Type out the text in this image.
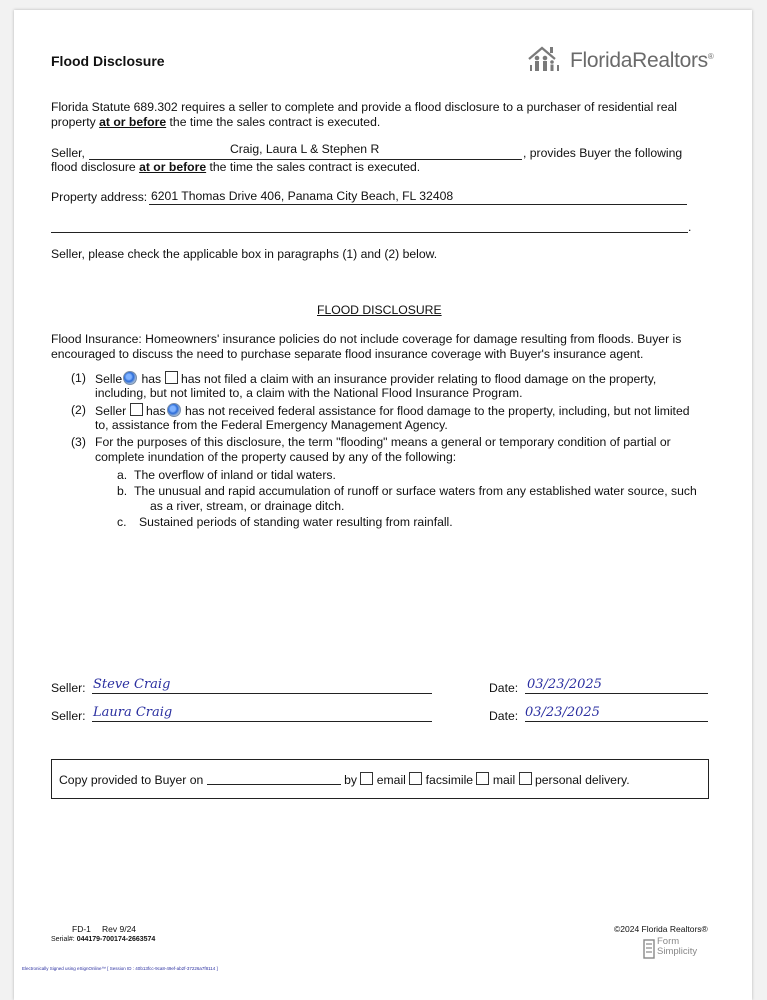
Flood Disclosure	FloridaRealtors®
Florida Statute 689.302 requires a seller to complete and provide a flood disclosure to a purchaser of residential real
property at or before the time the sales contract is executed.
Seller,	Craig, Laura L & Stephen R	, provides Buyer the following
flood disclosure at or before the time the sales contract is executed.
Property address: 6201 Thomas Drive 406, Panama City Beach, FL 32408
.
Seller, please check the applicable box in paragraphs (1) and (2) below.
FLOOD DISCLOSURE
Flood Insurance: Homeowners' insurance policies do not include coverage for damage resulting from floods. Buyer is
encouraged to discuss the need to purchase separate flood insurance coverage with Buyer's insurance agent.
(1) Selle has has not filed a claim with an insurance provider relating to flood damage on the property,
including, but not limited to, a claim with the National Flood Insurance Program.
(2) Seller has has not received federal assistance for flood damage to the property, including, but not limited
to, assistance from the Federal Emergency Management Agency.
(3) For the purposes of this disclosure, the term "flooding" means a general or temporary condition of partial or
complete inundation of the property caused by any of the following:
a. The overflow of inland or tidal waters.
b. The unusual and rapid accumulation of runoff or surface waters from any established water source, such
as a river, stream, or drainage ditch.
c. Sustained periods of standing water resulting from rainfall.
Seller: Steve Craig	Date: 03/23/2025
Seller: Laura Craig	Date: 03/23/2025
Copy provided to Buyer on	by email facsimile mail personal delivery.
FD-1 Rev 9/24	©2024 Florida Realtors®
Serial#: 044179-700174-2663574	Form
Simplicity
Electronically Signed using eSignOnline™ [ Session ID : 40b13fcc-9ca8-49ef-ab2f-37226a7f8114 ]
